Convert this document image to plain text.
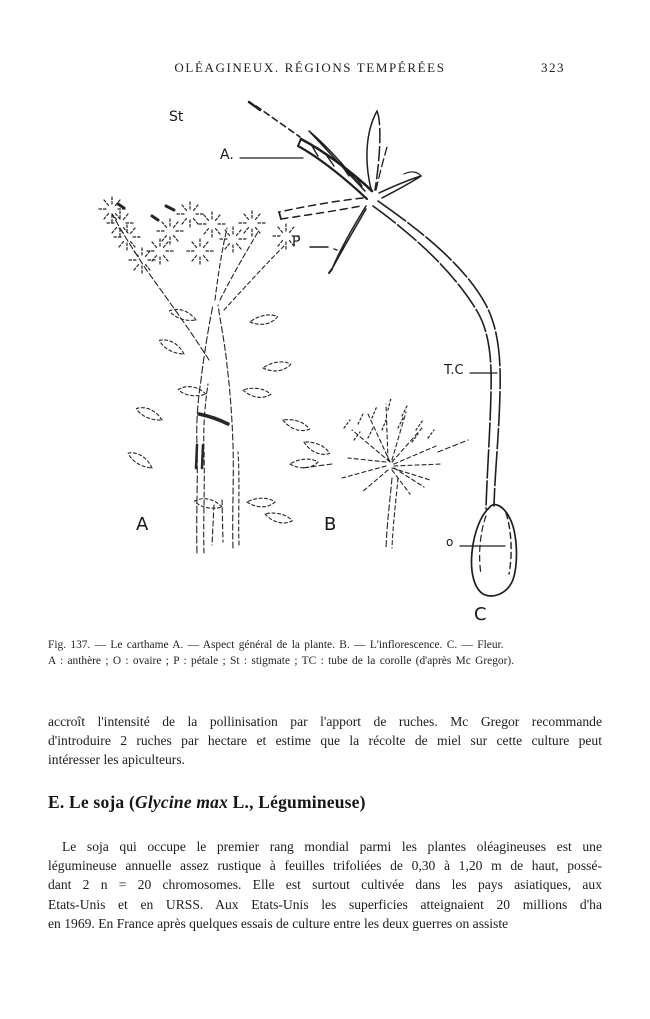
OLÉAGINEUX. RÉGIONS TEMPÉRÉES	323
St
A.
P
T.C
o
A	B
C
Fig. 137. — Le carthame A. — Aspect général de la plante. B. — L'inflorescence. C. — Fleur.
A : anthère ; O : ovaire ; P : pétale ; St : stigmate ; TC : tube de la corolle (d'après Mc Gregor).
accroît l'intensité de la pollinisation par l'apport de ruches. Mc Gregor recommande
d'introduire 2 ruches par hectare et estime que la récolte de miel sur cette culture peut
intéresser les apiculteurs.
E. Le soja (Glycine max L., Légumineuse)
Le soja qui occupe le premier rang mondial parmi les plantes oléagineuses est une
légumineuse annuelle assez rustique à feuilles trifoliées de 0,30 à 1,20 m de haut, possé-
dant 2 n = 20 chromosomes. Elle est surtout cultivée dans les pays asiatiques, aux
Etats-Unis et en URSS. Aux Etats-Unis les superficies atteignaient 20 millions d'ha
en 1969. En France après quelques essais de culture entre les deux guerres on assiste
